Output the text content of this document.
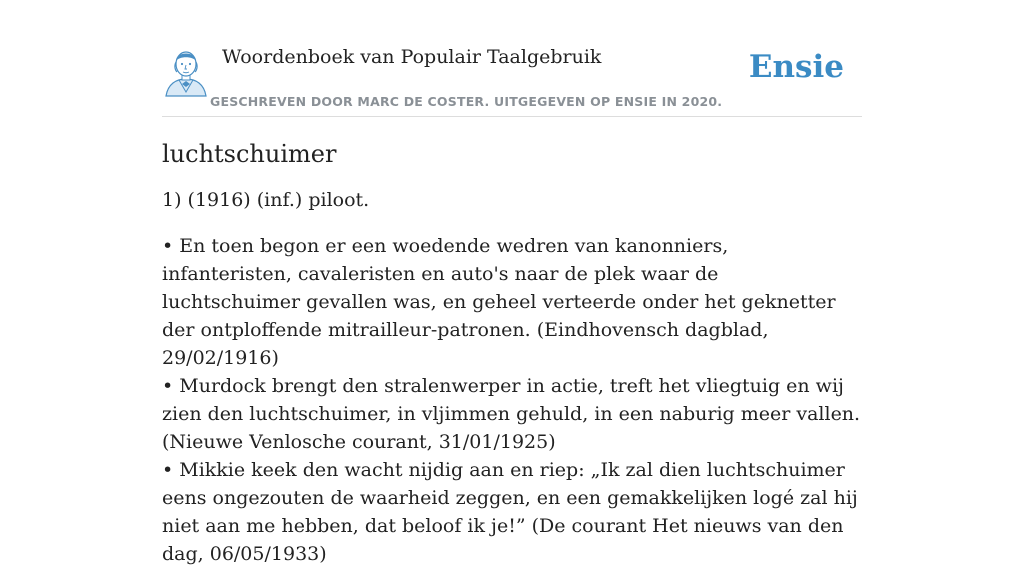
Woordenboek van Populair Taalgebruik
GESCHREVEN DOOR MARC DE COSTER. UITGEGEVEN OP ENSIE IN 2020.
Ensie
luchtschuimer

1) (1916) (inf.) piloot.

• En toen begon er een woedende wedren van kanonniers, infanteristen, cavaleristen en auto's naar de plek waar de luchtschuimer gevallen was, en geheel verteerde onder het geknetter der ontploffende mitrailleur-patronen. (Eindhovensch dagblad, 29/02/1916)
• Murdock brengt den stralenwerper in actie, treft het vliegtuig en wij zien den luchtschuimer, in vljimmen gehuld, in een naburig meer vallen. (Nieuwe Venlosche courant, 31/01/1925)
• Mikkie keek den wacht nijdig aan en riep: „Ik zal dien luchtschuimer eens ongezouten de waarheid zeggen, en een gemakkelijken logé zal hij niet aan me hebben, dat beloof ik je!” (De courant Het nieuws van den dag, 06/05/1933)
